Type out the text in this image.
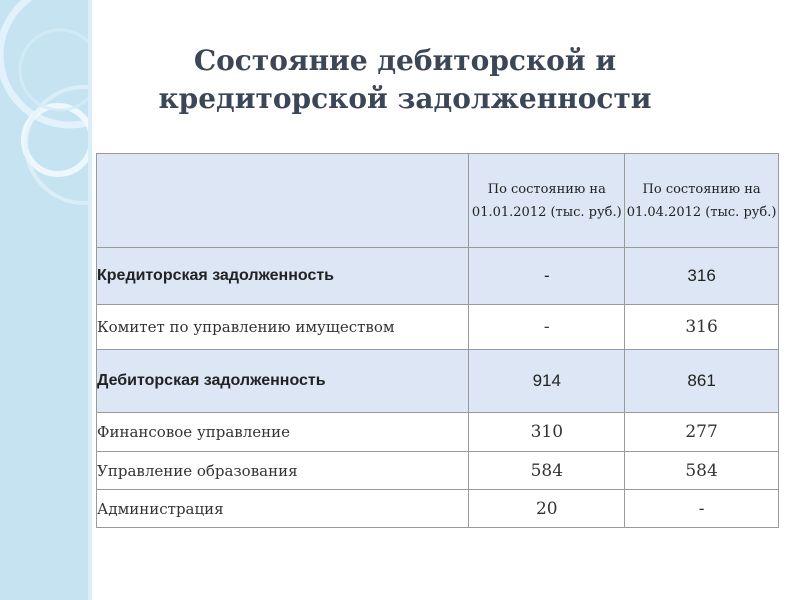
Состояние дебиторской и
кредиторской задолженности
	По состоянию на 01.01.2012 (тыс. руб.)	По состоянию на 01.04.2012 (тыс. руб.)
Кредиторская задолженность	-	316
Комитет по управлению имуществом	-	316
Дебиторская задолженность	914	861
Финансовое управление	310	277
Управление образования	584	584
Администрация	20	-
